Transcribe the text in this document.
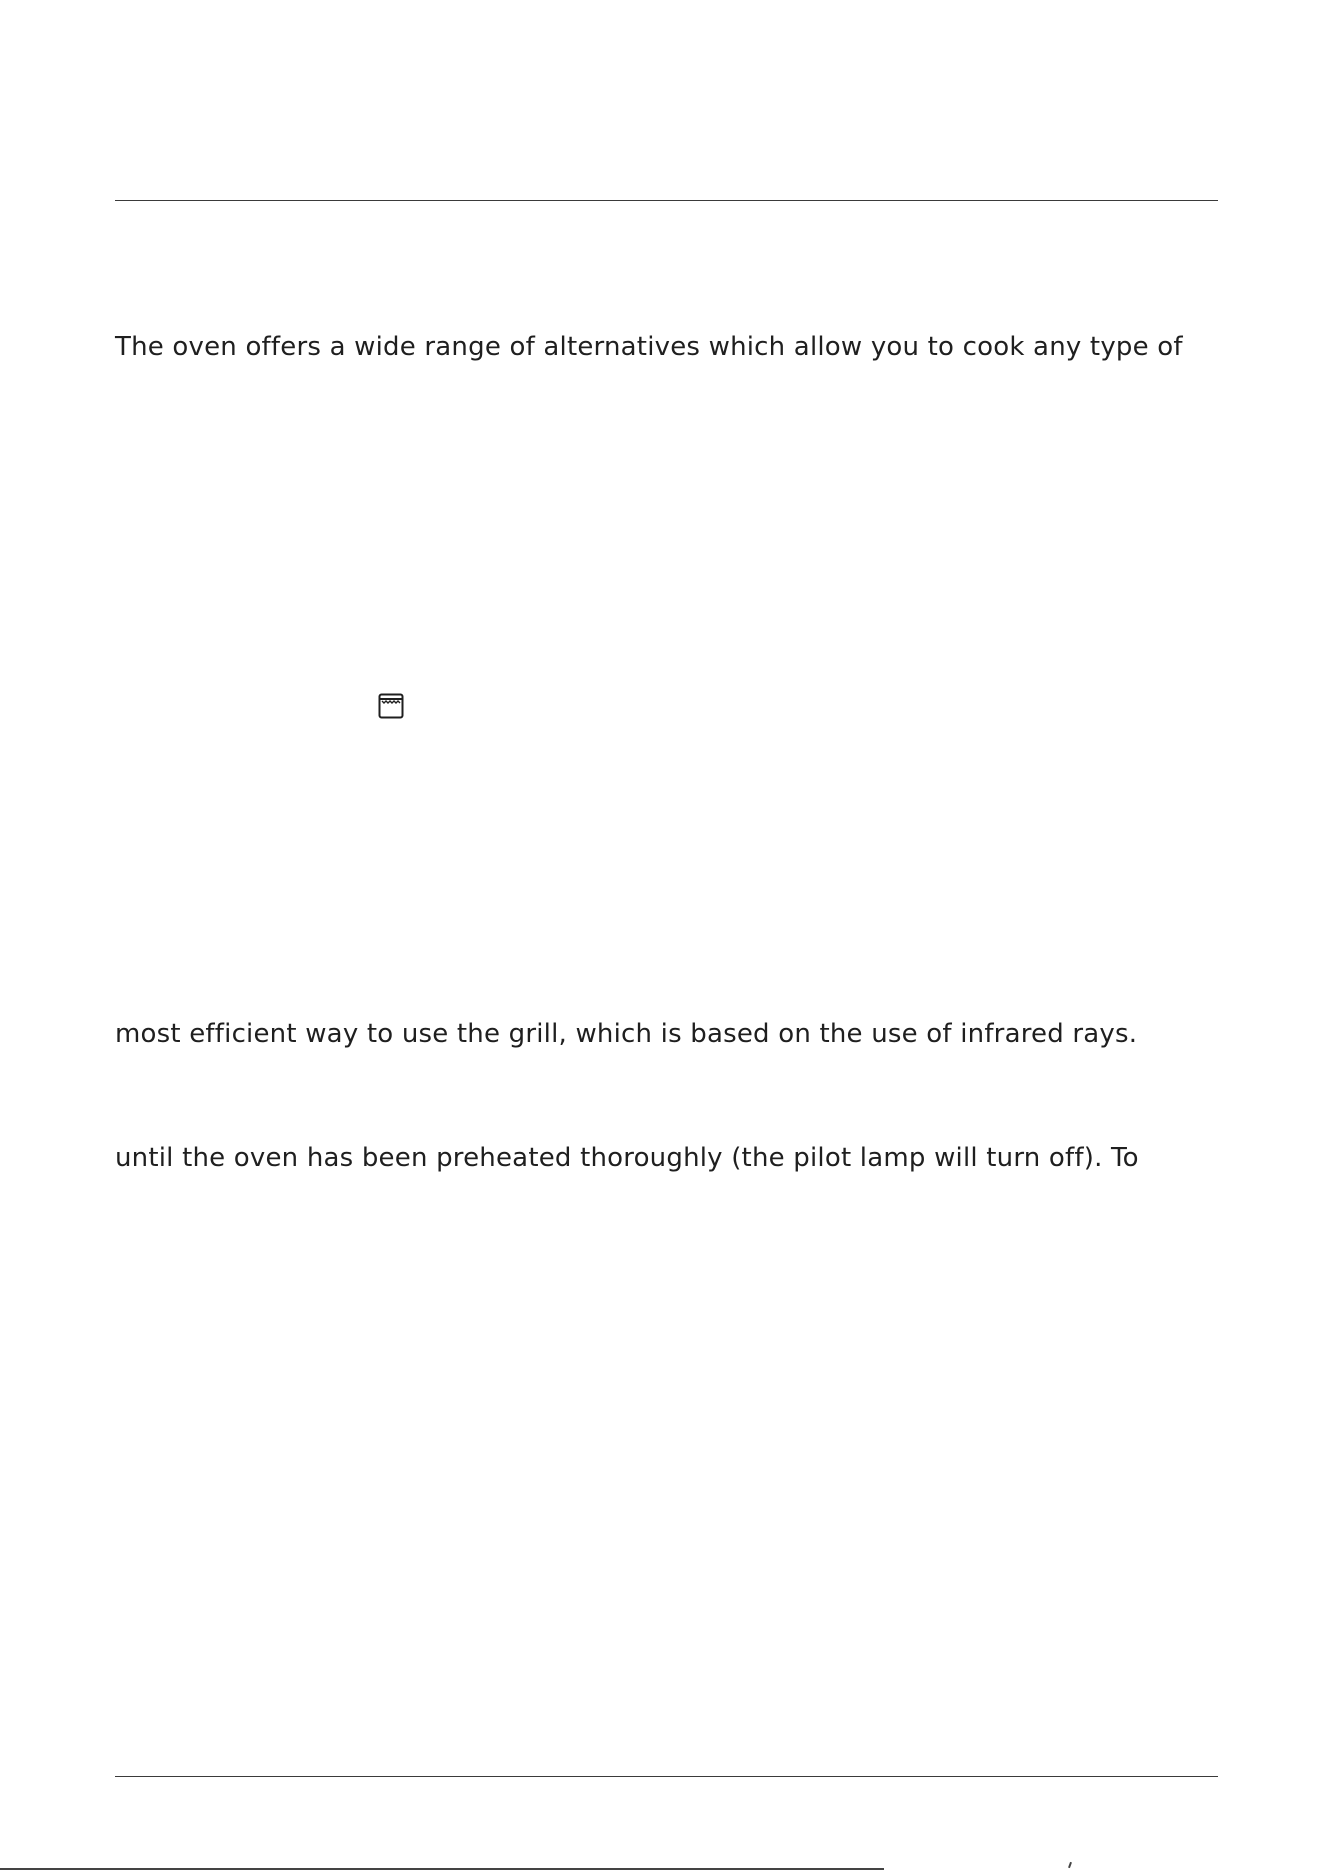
The oven offers a wide range of alternatives which allow you to cook any type of
most efficient way to use the grill, which is based on the use of infrared rays.
until the oven has been preheated thoroughly (the pilot lamp will turn off). To
